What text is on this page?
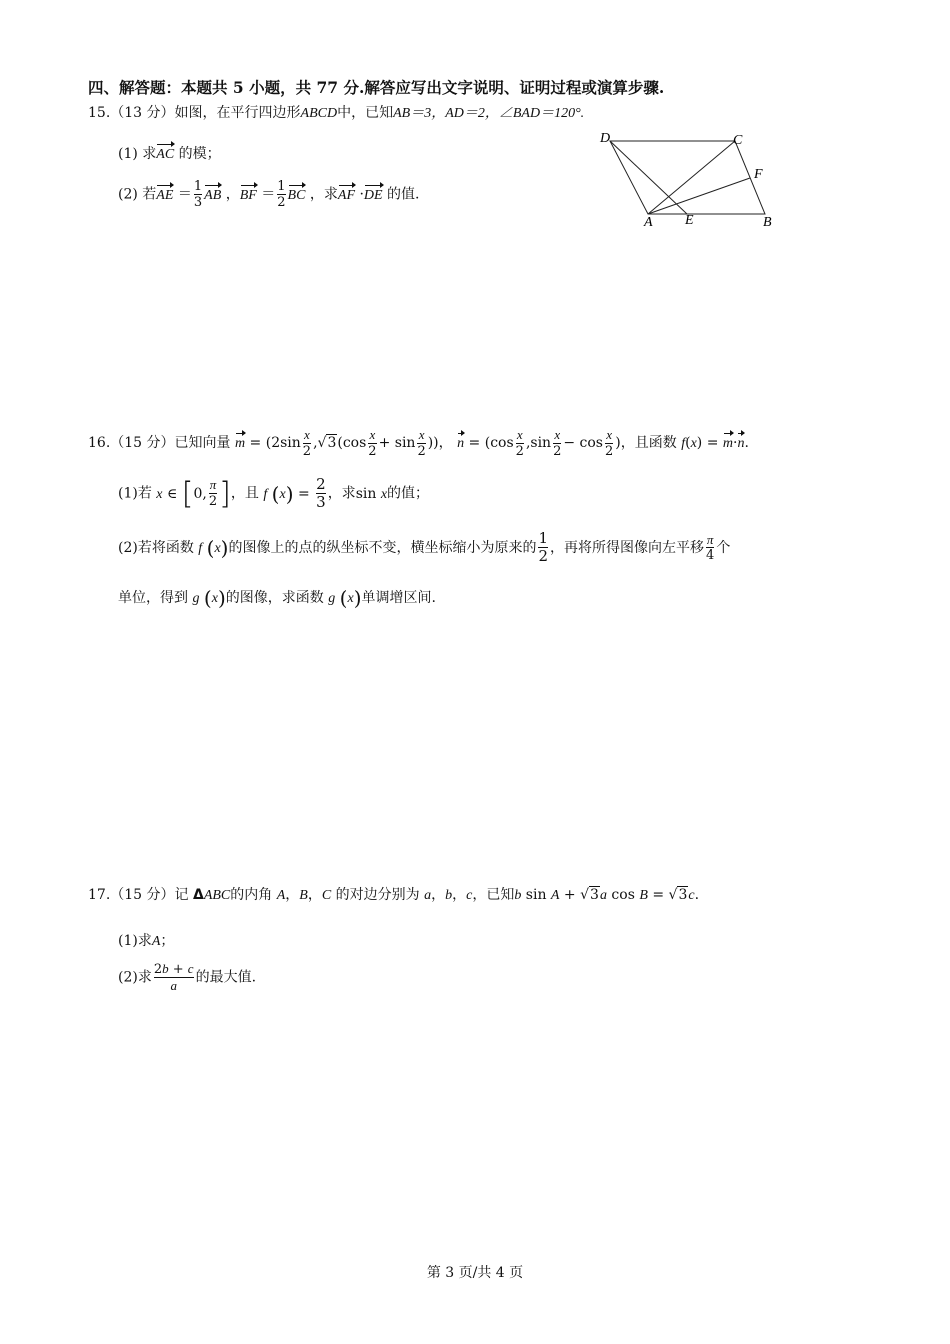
四、解答题：本题共 5 小题，共 77 分.解答应写出文字说明、证明过程或演算步骤.
15.（13 分）如图，在平行四边形ABCD中，已知AB＝3，AD＝2，∠BAD＝120°.
(1) 求AC 的模；
(2) 若AE ＝ $\frac{1}{3}$ AB ，BF ＝ $\frac{1}{2}$ BC ，求AF ·DE 的值.
D	C
F
A E	B
16.（15 分）已知向量 $m = (2\sin \frac{x}{2} ,√3(\cos \frac{x}{2} + \sin \frac{x}{2}$ ))， $n = (\cos \frac{x}{2} ,\sin \frac{x}{2} - \cos \frac{x}{2}$ )，且函数 f(x) = m·n.
(1)若 x ∈ [0, $\frac{\pi}{2}$ ]，且 f $(x) = \frac{2}{3}$ ，求sin x的值；
(2)若将函数 f (x)的图像上的点的纵坐标不变，横坐标缩小为原来的 $\frac{1}{2}$ ，再将所得图像向左平移 $\frac{\pi}{4}$ 个
单位，得到 g (x)的图像，求函数 g (x)单调增区间.
17.（15 分）记 ΔABC的内角 A，B，C 的对边分别为 a，b，c，已知b sin A + √3a cos B = √3c.
(1)求A；
(2)求 $\frac{2b + c}{a}$ 的最大值.
第 3 页/共 4 页
